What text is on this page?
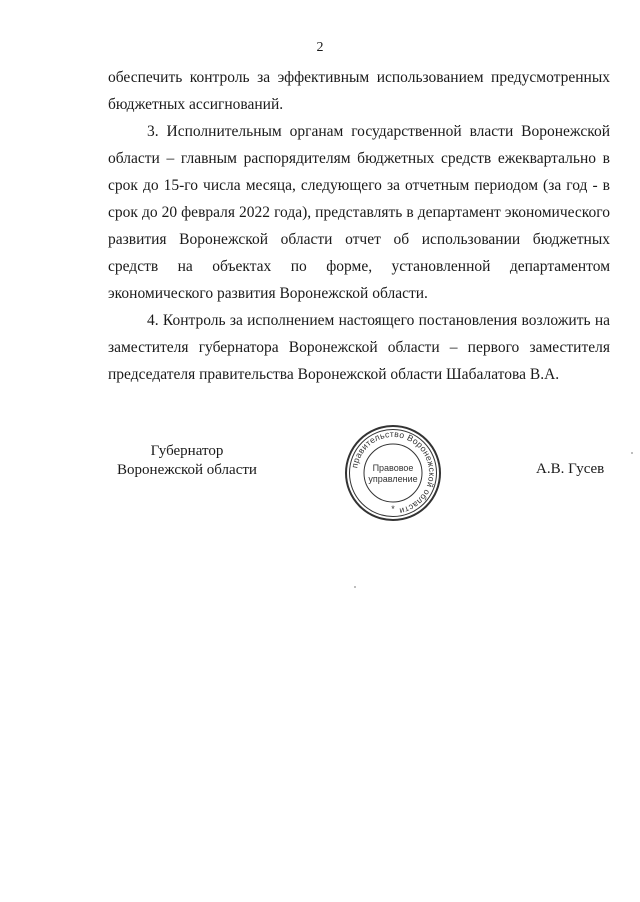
2

обеспечить контроль за эффективным использованием предусмотренных бюджетных ассигнований.

3. Исполнительным органам государственной власти Воронежской области – главным распорядителям бюджетных средств ежеквартально в срок до 15-го числа месяца, следующего за отчетным периодом (за год - в срок до 20 февраля 2022 года), представлять в департамент экономического развития Воронежской области отчет об использовании бюджетных средств на объектах по форме, установленной департаментом экономического развития Воронежской области.

4. Контроль за исполнением настоящего постановления возложить на заместителя губернатора Воронежской области – первого заместителя председателя правительства Воронежской области Шабалатова В.А.

Губернатор
Воронежской области	правительство Воронежской области
Правовое
управление
*
А.В. Гусев
